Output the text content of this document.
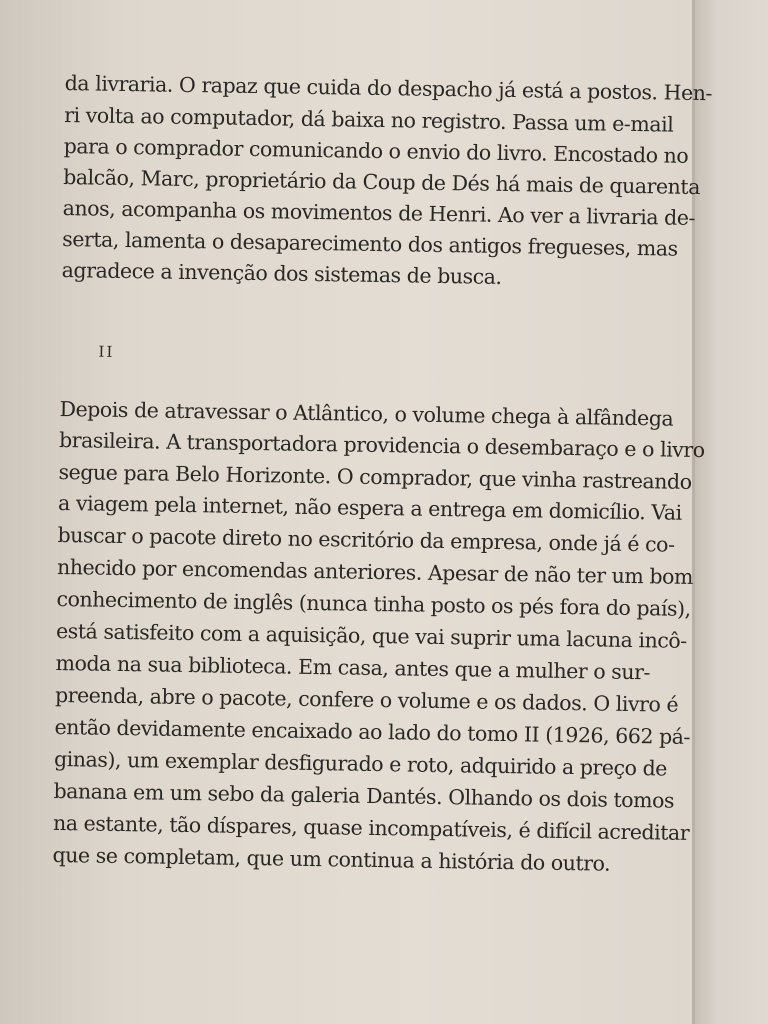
da livraria. O rapaz que cuida do despacho já está a postos. Hen-

ri volta ao computador, dá baixa no registro. Passa um e-mail

para o comprador comunicando o envio do livro. Encostado no

balcão, Marc, proprietário da Coup de Dés há mais de quarenta

anos, acompanha os movimentos de Henri. Ao ver a livraria de-

serta, lamenta o desaparecimento dos antigos fregueses, mas

agradece a invenção dos sistemas de busca.

II

Depois de atravessar o Atlântico, o volume chega à alfândega

brasileira. A transportadora providencia o desembaraço e o livro

segue para Belo Horizonte. O comprador, que vinha rastreando

a viagem pela internet, não espera a entrega em domicílio. Vai

buscar o pacote direto no escritório da empresa, onde já é co-

nhecido por encomendas anteriores. Apesar de não ter um bom

conhecimento de inglês (nunca tinha posto os pés fora do país),

está satisfeito com a aquisição, que vai suprir uma lacuna incô-

moda na sua biblioteca. Em casa, antes que a mulher o sur-

preenda, abre o pacote, confere o volume e os dados. O livro é

então devidamente encaixado ao lado do tomo II (1926, 662 pá-

ginas), um exemplar desfigurado e roto, adquirido a preço de

banana em um sebo da galeria Dantés. Olhando os dois tomos

na estante, tão díspares, quase incompatíveis, é difícil acreditar

que se completam, que um continua a história do outro.
